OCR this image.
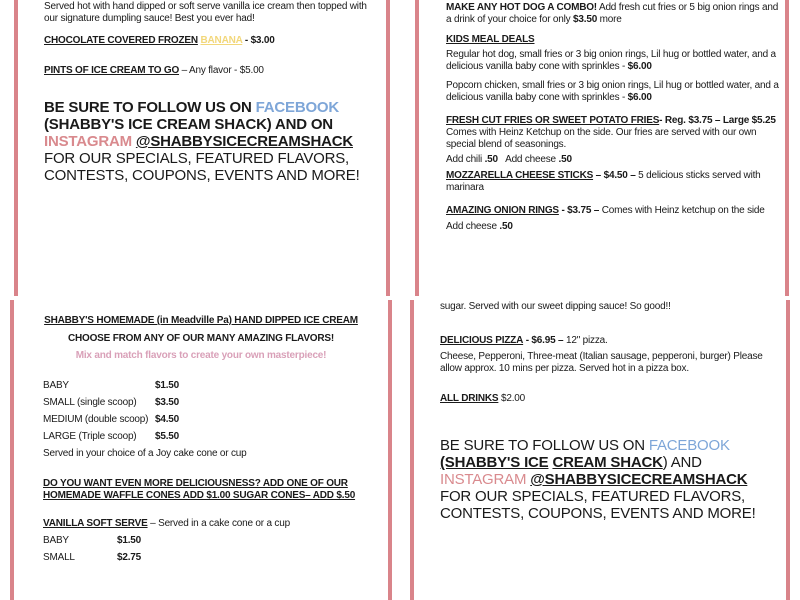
Served hot with hand dipped or soft serve vanilla ice cream then topped with our signature dumpling sauce! Best you ever had!

CHOCOLATE COVERED FROZEN BANANA - $3.00

PINTS OF ICE CREAM TO GO – Any flavor - $5.00

BE SURE TO FOLLOW US ON FACEBOOK (SHABBY'S ICE CREAM SHACK) AND ON INSTAGRAM @SHABBYSICECREAMSHACK FOR OUR SPECIALS, FEATURED FLAVORS, CONTESTS, COUPONS, EVENTS AND MORE!

MAKE ANY HOT DOG A COMBO! Add fresh cut fries or 5 big onion rings and a drink of your choice for only $3.50 more

KIDS MEAL DEALS

Regular hot dog, small fries or 3 big onion rings, Lil hug or bottled water, and a delicious vanilla baby cone with sprinkles - $6.00

Popcorn chicken, small fries or 3 big onion rings, Lil hug or bottled water, and a delicious vanilla baby cone with sprinkles - $6.00

FRESH CUT FRIES OR SWEET POTATO FRIES- Reg. $3.75 – Large $5.25 Comes with Heinz Ketchup on the side. Our fries are served with our own special blend of seasonings.

Add chili .50 Add cheese .50

MOZZARELLA CHEESE STICKS – $4.50 – 5 delicious sticks served with marinara

AMAZING ONION RINGS - $3.75 – Comes with Heinz ketchup on the side

Add cheese .50

SHABBY'S HOMEMADE (in Meadville Pa) HAND DIPPED ICE CREAM

CHOOSE FROM ANY OF OUR MANY AMAZING FLAVORS!

Mix and match flavors to create your own masterpiece!

BABY	$1.50
SMALL (single scoop)	$3.50
MEDIUM (double scoop) $4.50
LARGE (Triple scoop)	$5.50

Served in your choice of a Joy cake cone or cup

DO YOU WANT EVEN MORE DELICIOUSNESS? ADD ONE OF OUR HOMEMADE WAFFLE CONES ADD $1.00 SUGAR CONES– ADD $.50

VANILLA SOFT SERVE – Served in a cake cone or a cup

BABY	$1.50
SMALL	$2.75

sugar. Served with our sweet dipping sauce! So good!!

DELICIOUS PIZZA - $6.95 – 12" pizza.

Cheese, Pepperoni, Three-meat (Italian sausage, pepperoni, burger) Please allow approx. 10 mins per pizza. Served hot in a pizza box.

ALL DRINKS $2.00

BE SURE TO FOLLOW US ON FACEBOOK (SHABBY'S ICE CREAM SHACK) AND INSTAGRAM @SHABBYSICECREAMSHACK FOR OUR SPECIALS, FEATURED FLAVORS, CONTESTS, COUPONS, EVENTS AND MORE!
